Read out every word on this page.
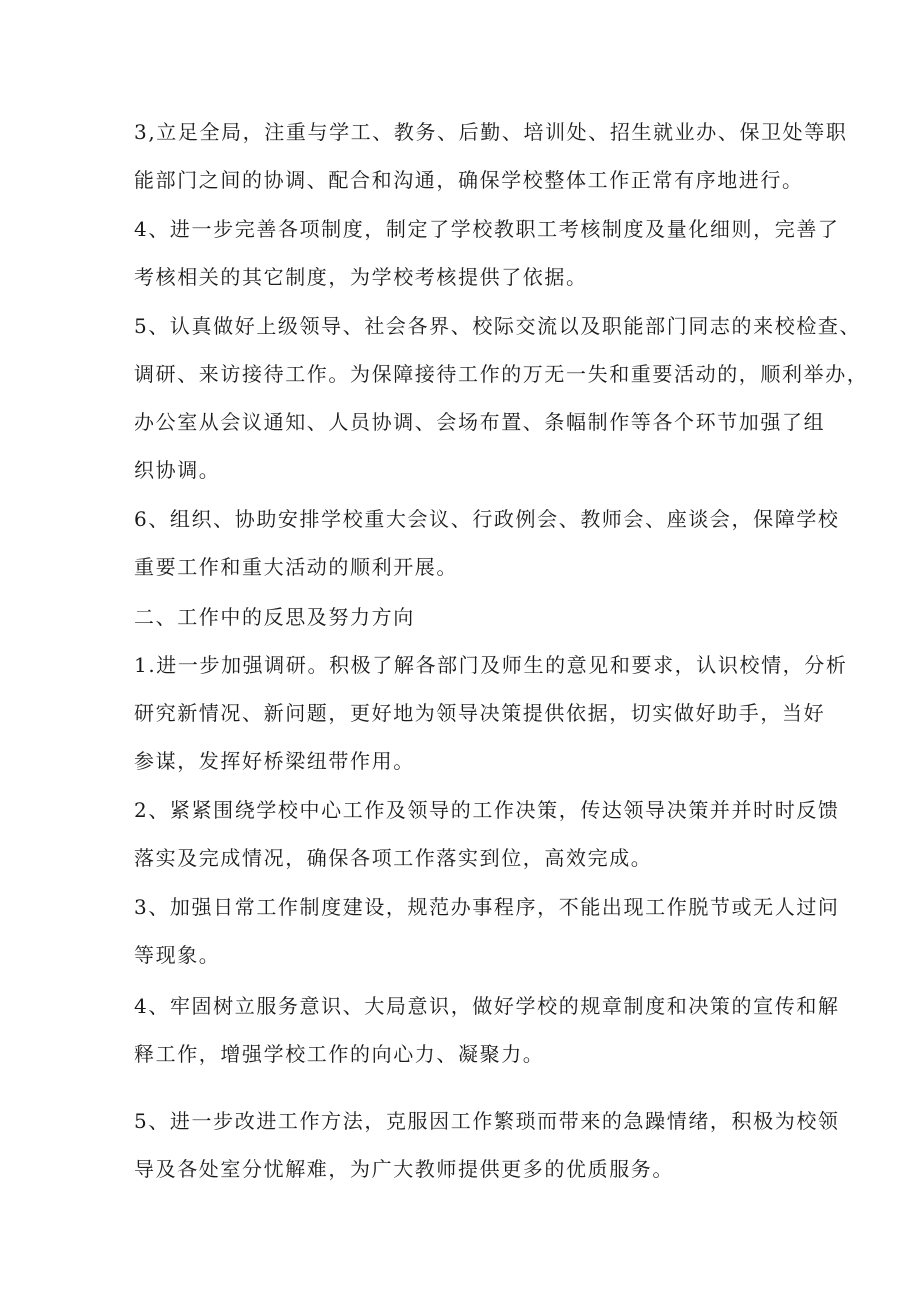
3,立足全局，注重与学工、教务、后勤、培训处、招生就业办、保卫处等职
能部门之间的协调、配合和沟通，确保学校整体工作正常有序地进行。
4、进一步完善各项制度，制定了学校教职工考核制度及量化细则，完善了
考核相关的其它制度，为学校考核提供了依据。
5、认真做好上级领导、社会各界、校际交流以及职能部门同志的来校检查、
调研、来访接待工作。为保障接待工作的万无一失和重要活动的，顺利举办，
办公室从会议通知、人员协调、会场布置、条幅制作等各个环节加强了组
织协调。
6、组织、协助安排学校重大会议、行政例会、教师会、座谈会，保障学校
重要工作和重大活动的顺利开展。
二、工作中的反思及努力方向
1.进一步加强调研。积极了解各部门及师生的意见和要求，认识校情，分析
研究新情况、新问题，更好地为领导决策提供依据，切实做好助手，当好
参谋，发挥好桥梁纽带作用。
2、紧紧围绕学校中心工作及领导的工作决策，传达领导决策并并时时反馈
落实及完成情况，确保各项工作落实到位，高效完成。
3、加强日常工作制度建设，规范办事程序，不能出现工作脱节或无人过问
等现象。
4、牢固树立服务意识、大局意识，做好学校的规章制度和决策的宣传和解
释工作，增强学校工作的向心力、凝聚力。
5、进一步改进工作方法，克服因工作繁琐而带来的急躁情绪，积极为校领
导及各处室分忧解难，为广大教师提供更多的优质服务。
